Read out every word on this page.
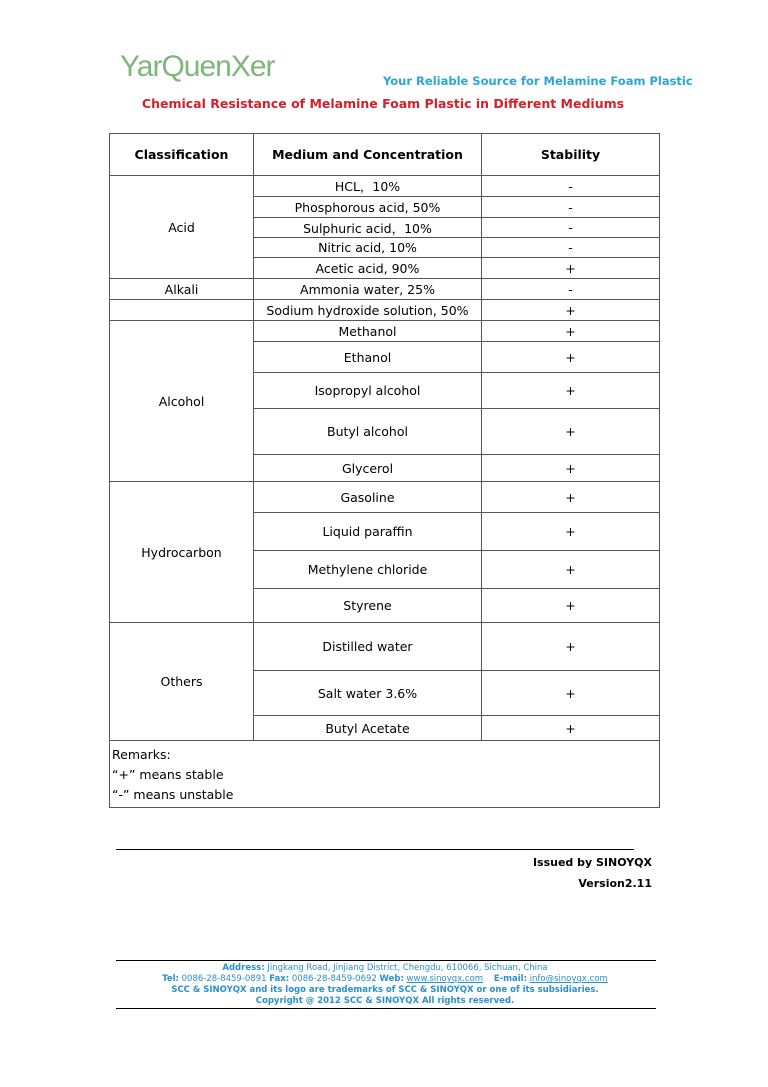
YarQuenXer	Your Reliable Source for Melamine Foam Plastic
Chemical Resistance of Melamine Foam Plastic in Different Mediums
Classification	Medium and Concentration	Stability
Acid	HCL，10%	-
	Phosphorous acid, 50%	-
	Sulphuric acid，10%	-
	Nitric acid, 10%	-
	Acetic acid, 90%	+
Alkali	Ammonia water, 25%	-
	Sodium hydroxide solution, 50%	+
Alcohol	Methanol	+
	Ethanol	+
	Isopropyl alcohol	+
	Butyl alcohol	+
	Glycerol	+
Hydrocarbon	Gasoline	+
	Liquid paraffin	+
	Methylene chloride	+
	Styrene	+
Others	Distilled water	+
	Salt water 3.6%	+
	Butyl Acetate	+

Remarks:
“+” means stable
“-” means unstable		
Issued by SINOYQX
Version2.11
Address: Jingkang Road, Jinjiang District, Chengdu, 610066, Sichuan, China
Tel: 0086-28-8459-0891 Fax: 0086-28-8459-0692 Web: www.sinoyqx.com E-mail: info@sinoyqx.com
SCC & SINOYQX and its logo are trademarks of SCC & SINOYQX or one of its subsidiaries.
Copyright @ 2012 SCC & SINOYQX All rights reserved.
